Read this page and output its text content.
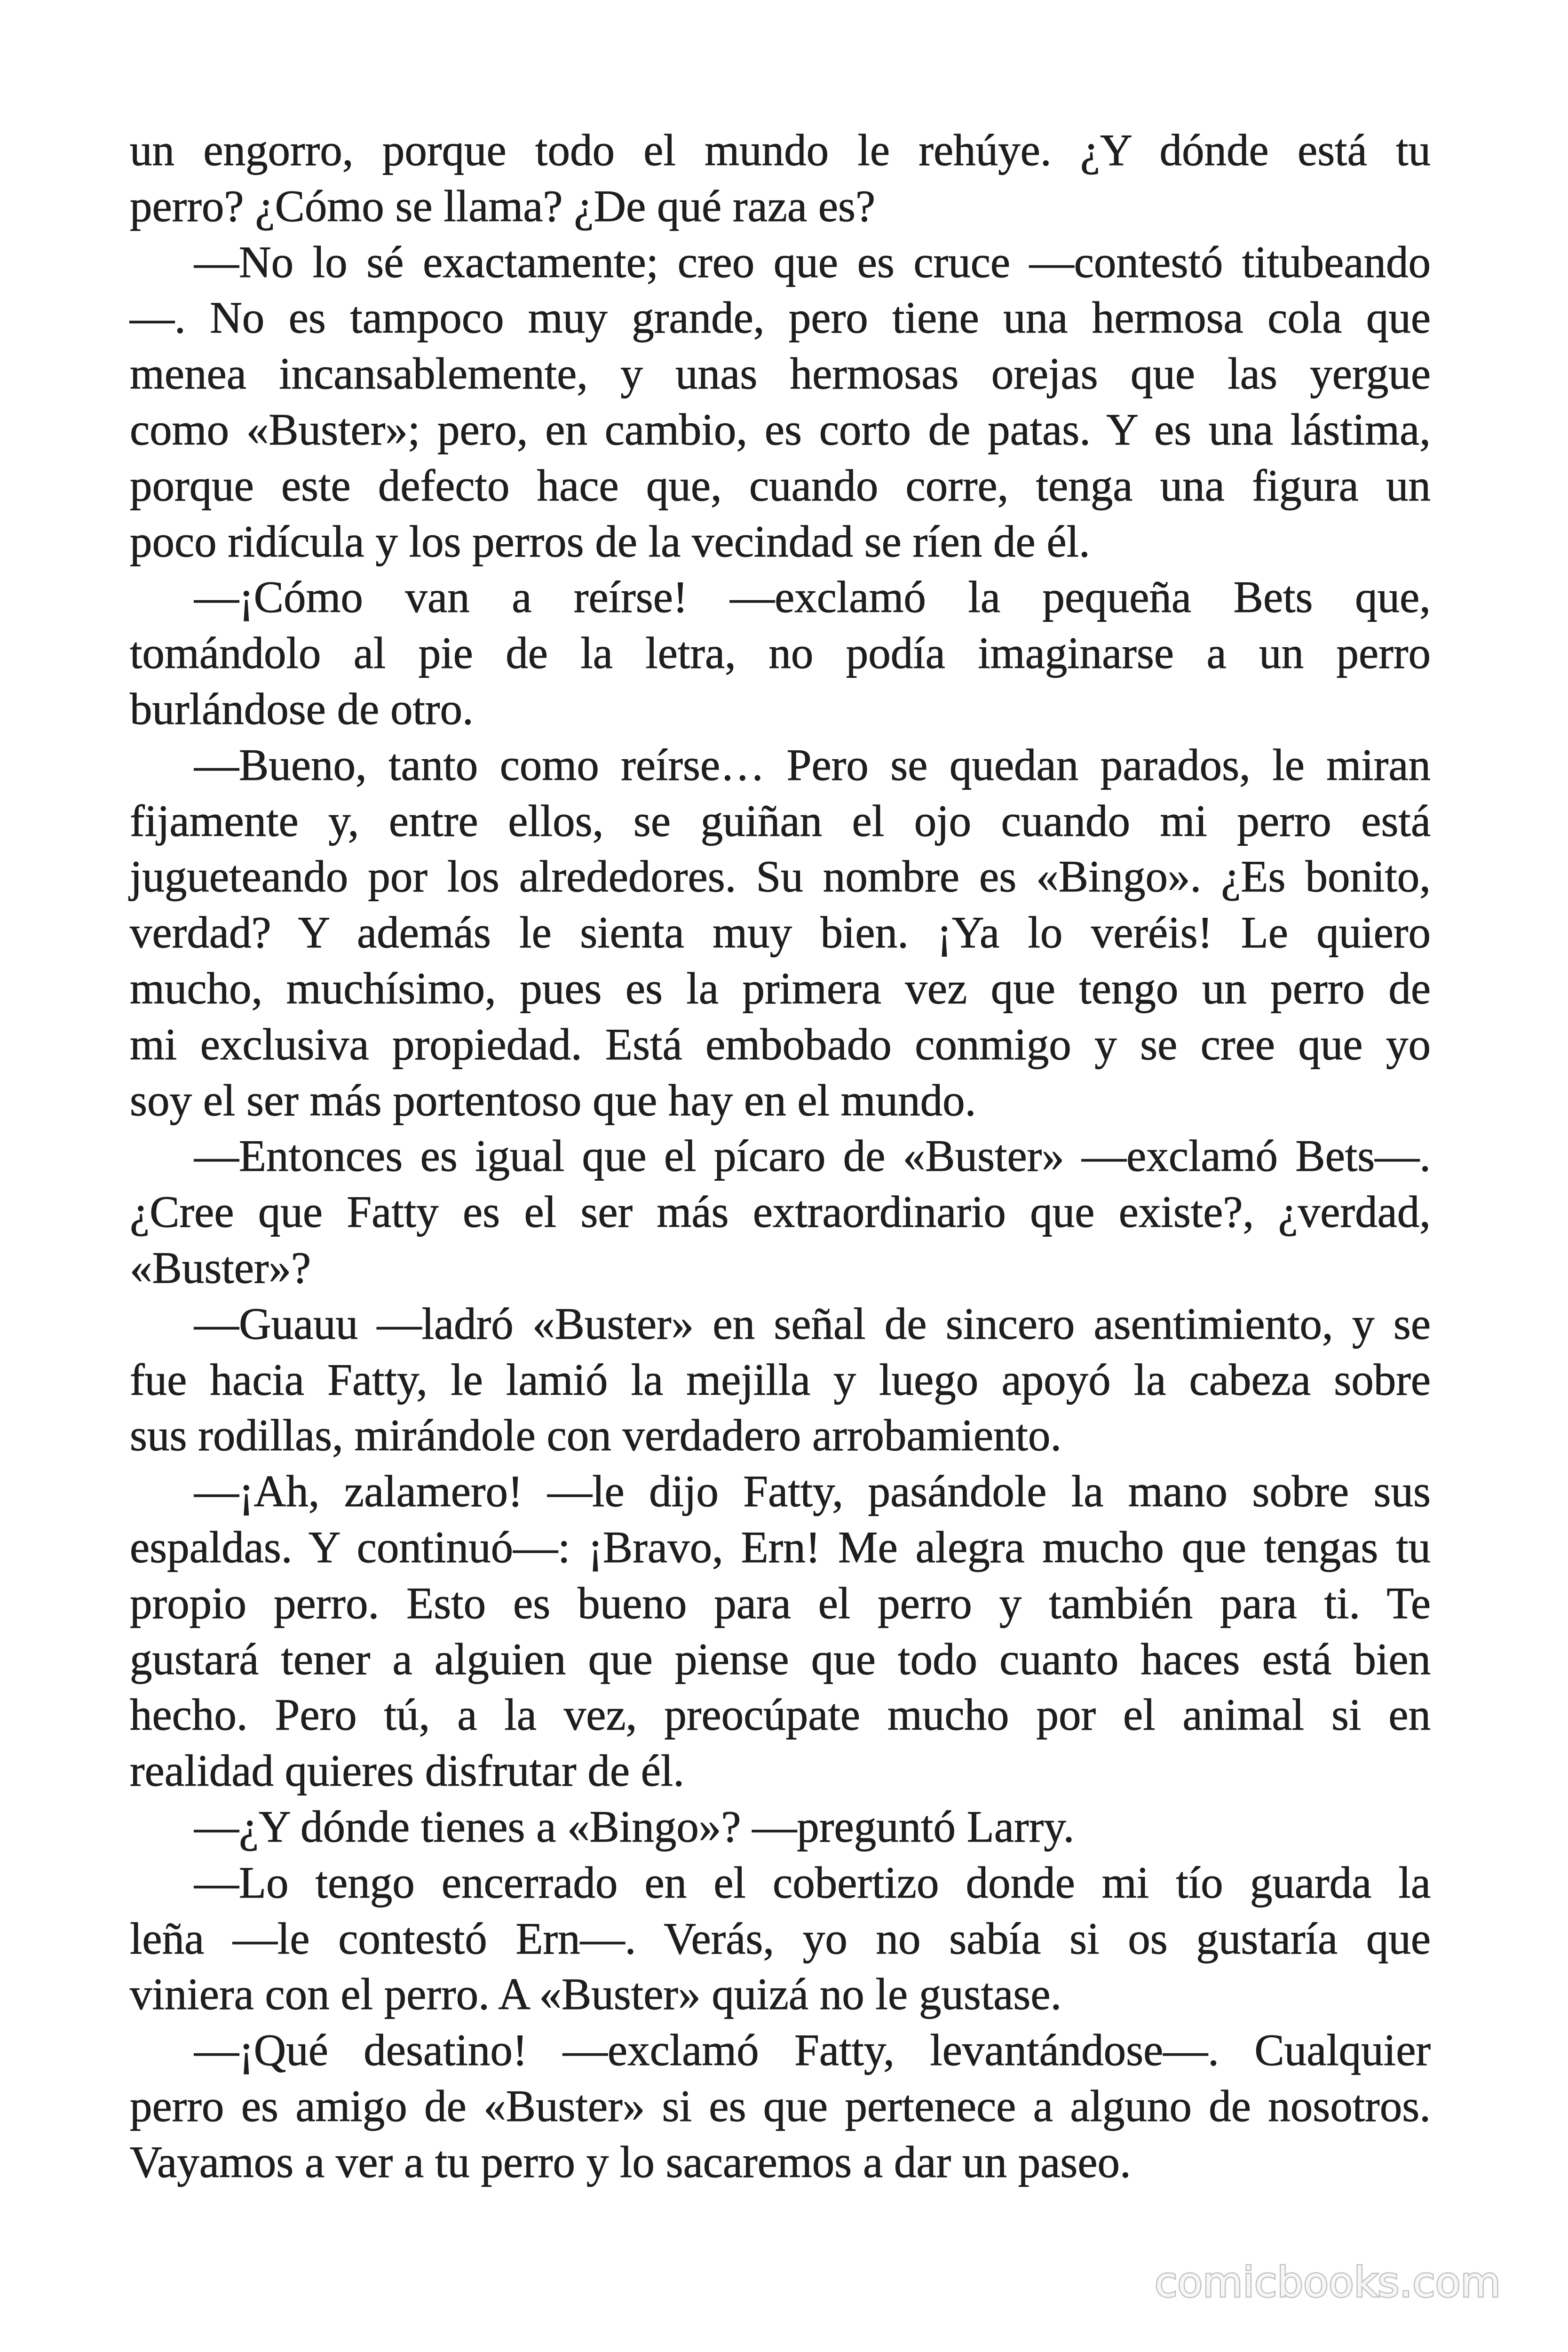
un engorro, porque todo el mundo le rehúye. ¿Y dónde está tu
perro? ¿Cómo se llama? ¿De qué raza es?
—No lo sé exactamente; creo que es cruce —contestó titubeando
—. No es tampoco muy grande, pero tiene una hermosa cola que
menea incansablemente, y unas hermosas orejas que las yergue
como «Buster»; pero, en cambio, es corto de patas. Y es una lástima,
porque este defecto hace que, cuando corre, tenga una figura un
poco ridícula y los perros de la vecindad se ríen de él.
—¡Cómo van a reírse! —exclamó la pequeña Bets que,
tomándolo al pie de la letra, no podía imaginarse a un perro
burlándose de otro.
—Bueno, tanto como reírse… Pero se quedan parados, le miran
fijamente y, entre ellos, se guiñan el ojo cuando mi perro está
jugueteando por los alrededores. Su nombre es «Bingo». ¿Es bonito,
verdad? Y además le sienta muy bien. ¡Ya lo veréis! Le quiero
mucho, muchísimo, pues es la primera vez que tengo un perro de
mi exclusiva propiedad. Está embobado conmigo y se cree que yo
soy el ser más portentoso que hay en el mundo.
—Entonces es igual que el pícaro de «Buster» —exclamó Bets—.
¿Cree que Fatty es el ser más extraordinario que existe?, ¿verdad,
«Buster»?
—Guauu —ladró «Buster» en señal de sincero asentimiento, y se
fue hacia Fatty, le lamió la mejilla y luego apoyó la cabeza sobre
sus rodillas, mirándole con verdadero arrobamiento.
—¡Ah, zalamero! —le dijo Fatty, pasándole la mano sobre sus
espaldas. Y continuó—: ¡Bravo, Ern! Me alegra mucho que tengas tu
propio perro. Esto es bueno para el perro y también para ti. Te
gustará tener a alguien que piense que todo cuanto haces está bien
hecho. Pero tú, a la vez, preocúpate mucho por el animal si en
realidad quieres disfrutar de él.
—¿Y dónde tienes a «Bingo»? —preguntó Larry.
—Lo tengo encerrado en el cobertizo donde mi tío guarda la
leña —le contestó Ern—. Verás, yo no sabía si os gustaría que
viniera con el perro. A «Buster» quizá no le gustase.
—¡Qué desatino! —exclamó Fatty, levantándose—. Cualquier
perro es amigo de «Buster» si es que pertenece a alguno de nosotros.
Vayamos a ver a tu perro y lo sacaremos a dar un paseo.
comicbooks.com
